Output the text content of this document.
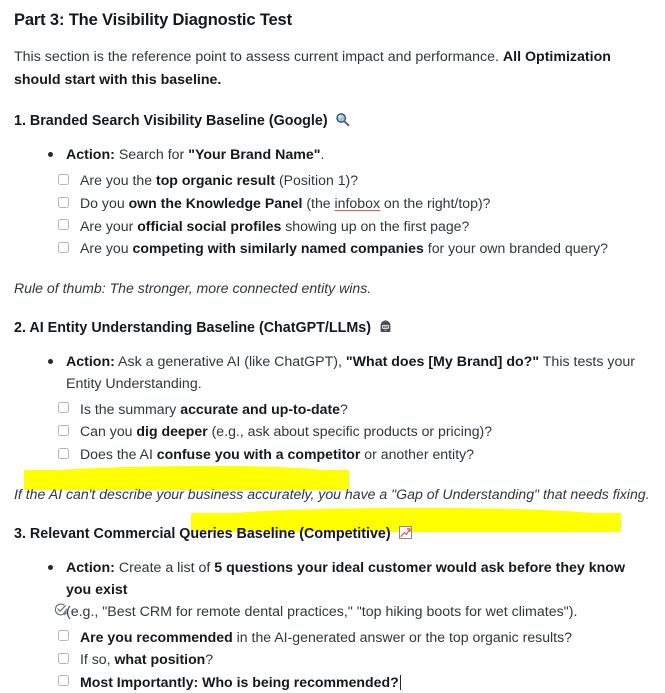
Part 3: The Visibility Diagnostic Test

This section is the reference point to assess current impact and performance. All Optimization should start with this baseline.

1. Branded Search Visibility Baseline (Google)
Action: Search for "Your Brand Name".
Are you the top organic result (Position 1)?
Do you own the Knowledge Panel (the infobox on the right/top)?
Are your official social profiles showing up on the first page?
Are you competing with similarly named companies for your own branded query?

Rule of thumb: The stronger, more connected entity wins.

2. AI Entity Understanding Baseline (ChatGPT/LLMs)
Action: Ask a generative AI (like ChatGPT), "What does [My Brand] do?" This tests your Entity Understanding.
Is the summary accurate and up-to-date?
Can you dig deeper (e.g., ask about specific products or pricing)?
Does the AI confuse you with a competitor or another entity?

If the AI can't describe your business accurately, you have a "Gap of Understanding" that needs fixing.

3. Relevant Commercial Queries Baseline (Competitive)
Action: Create a list of 5 questions your ideal customer would ask before they know you exist
(e.g., "Best CRM for remote dental practices," "top hiking boots for wet climates").
Are you recommended in the AI-generated answer or the top organic results?
If so, what position?
Most Importantly: Who is being recommended?
